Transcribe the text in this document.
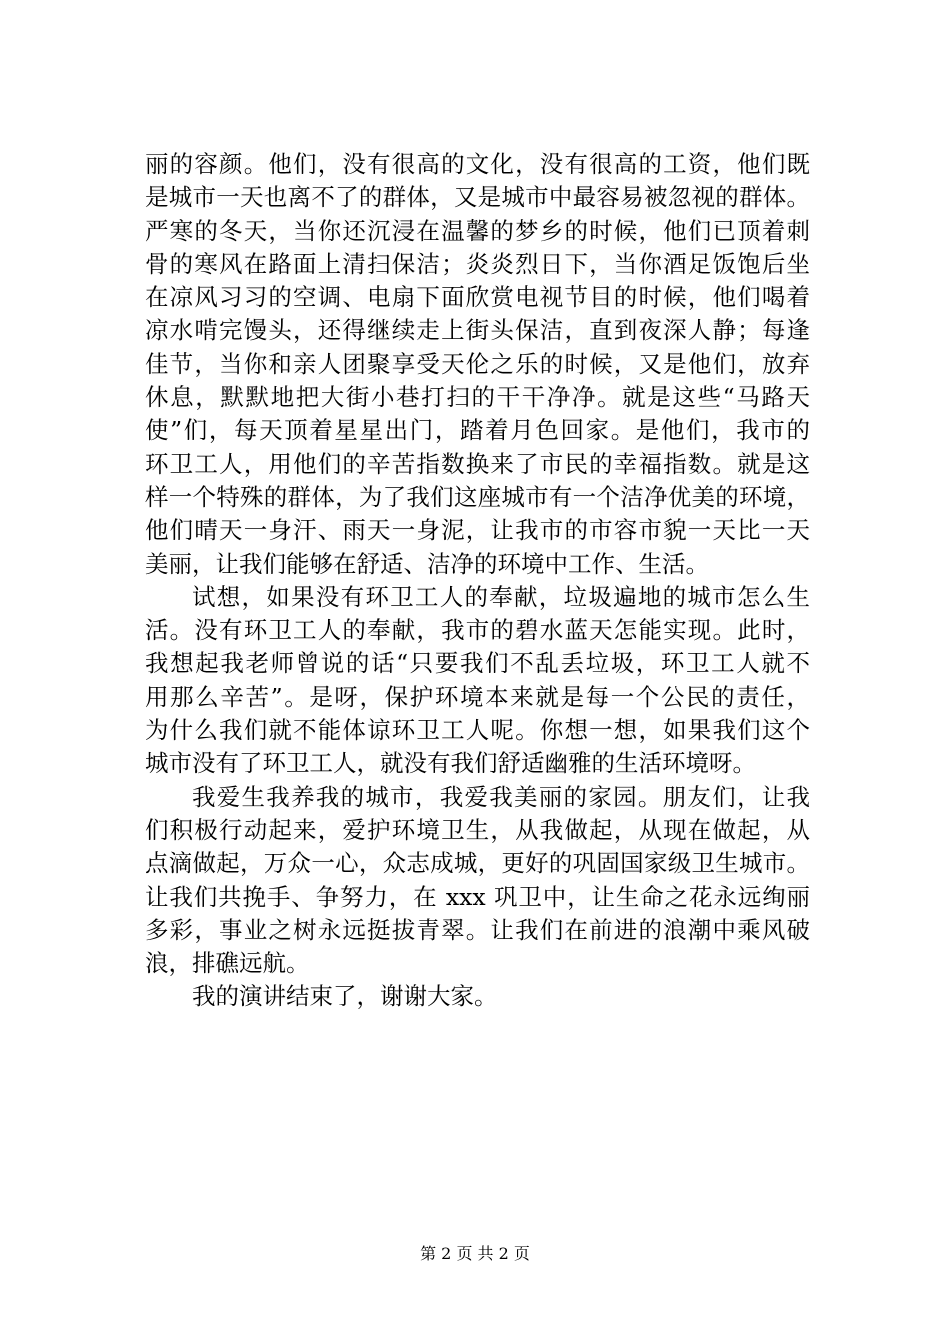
丽的容颜。他们，没有很高的文化，没有很高的工资，他们既
是城市一天也离不了的群体，又是城市中最容易被忽视的群体。
严寒的冬天，当你还沉浸在温馨的梦乡的时候，他们已顶着刺
骨的寒风在路面上清扫保洁；炎炎烈日下，当你酒足饭饱后坐
在凉风习习的空调、电扇下面欣赏电视节目的时候，他们喝着
凉水啃完馒头，还得继续走上街头保洁，直到夜深人静；每逢
佳节，当你和亲人团聚享受天伦之乐的时候，又是他们，放弃
休息，默默地把大街小巷打扫的干干净净。就是这些“马路天
使”们，每天顶着星星出门，踏着月色回家。是他们，我市的
环卫工人，用他们的辛苦指数换来了市民的幸福指数。就是这
样一个特殊的群体，为了我们这座城市有一个洁净优美的环境，
他们晴天一身汗、雨天一身泥，让我市的市容市貌一天比一天
美丽，让我们能够在舒适、洁净的环境中工作、生活。

试想，如果没有环卫工人的奉献，垃圾遍地的城市怎么生
活。没有环卫工人的奉献，我市的碧水蓝天怎能实现。此时，
我想起我老师曾说的话“只要我们不乱丢垃圾，环卫工人就不
用那么辛苦”。是呀，保护环境本来就是每一个公民的责任，
为什么我们就不能体谅环卫工人呢。你想一想，如果我们这个
城市没有了环卫工人，就没有我们舒适幽雅的生活环境呀。

我爱生我养我的城市，我爱我美丽的家园。朋友们，让我
们积极行动起来，爱护环境卫生，从我做起，从现在做起，从
点滴做起，万众一心，众志成城，更好的巩固国家级卫生城市。
让我们共挽手、争努力，在 xxx 巩卫中，让生命之花永远绚丽
多彩，事业之树永远挺拔青翠。让我们在前进的浪潮中乘风破
浪，排礁远航。

我的演讲结束了，谢谢大家。

第 2 页 共 2 页
